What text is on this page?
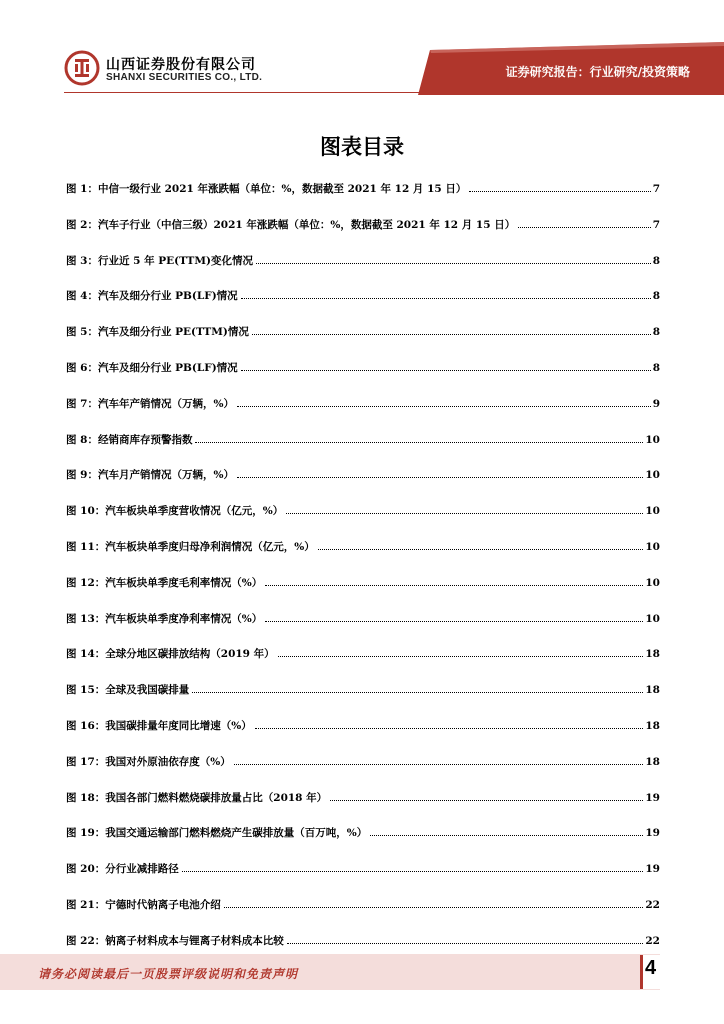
山西证券股份有限公司
SHANXI SECURITIES CO., LTD.	证券研究报告：行业研究/投资策略
图表目录
图 1：中信一级行业 2021 年涨跌幅（单位：%，数据截至 2021 年 12 月 15 日）	7
图 2：汽车子行业（中信三级）2021 年涨跌幅（单位：%，数据截至 2021 年 12 月 15 日）	7
图 3：行业近 5 年 PE(TTM)变化情况	8
图 4：汽车及细分行业 PB(LF)情况	8
图 5：汽车及细分行业 PE(TTM)情况	8
图 6：汽车及细分行业 PB(LF)情况	8
图 7：汽车年产销情况（万辆，%）	9
图 8：经销商库存预警指数	10
图 9：汽车月产销情况（万辆，%）	10
图 10：汽车板块单季度营收情况（亿元，%）	10
图 11：汽车板块单季度归母净利润情况（亿元，%）	10
图 12：汽车板块单季度毛利率情况（%）	10
图 13：汽车板块单季度净利率情况（%）	10
图 14：全球分地区碳排放结构（2019 年）	18
图 15：全球及我国碳排量	18
图 16：我国碳排量年度同比增速（%）	18
图 17：我国对外原油依存度（%）	18
图 18：我国各部门燃料燃烧碳排放量占比（2018 年）	19
图 19：我国交通运输部门燃料燃烧产生碳排放量（百万吨，%）	19
图 20：分行业减排路径	19
图 21：宁德时代钠离子电池介绍	22
图 22：钠离子材料成本与锂离子材料成本比较	22
请务必阅读最后一页股票评级说明和免责声明	4
